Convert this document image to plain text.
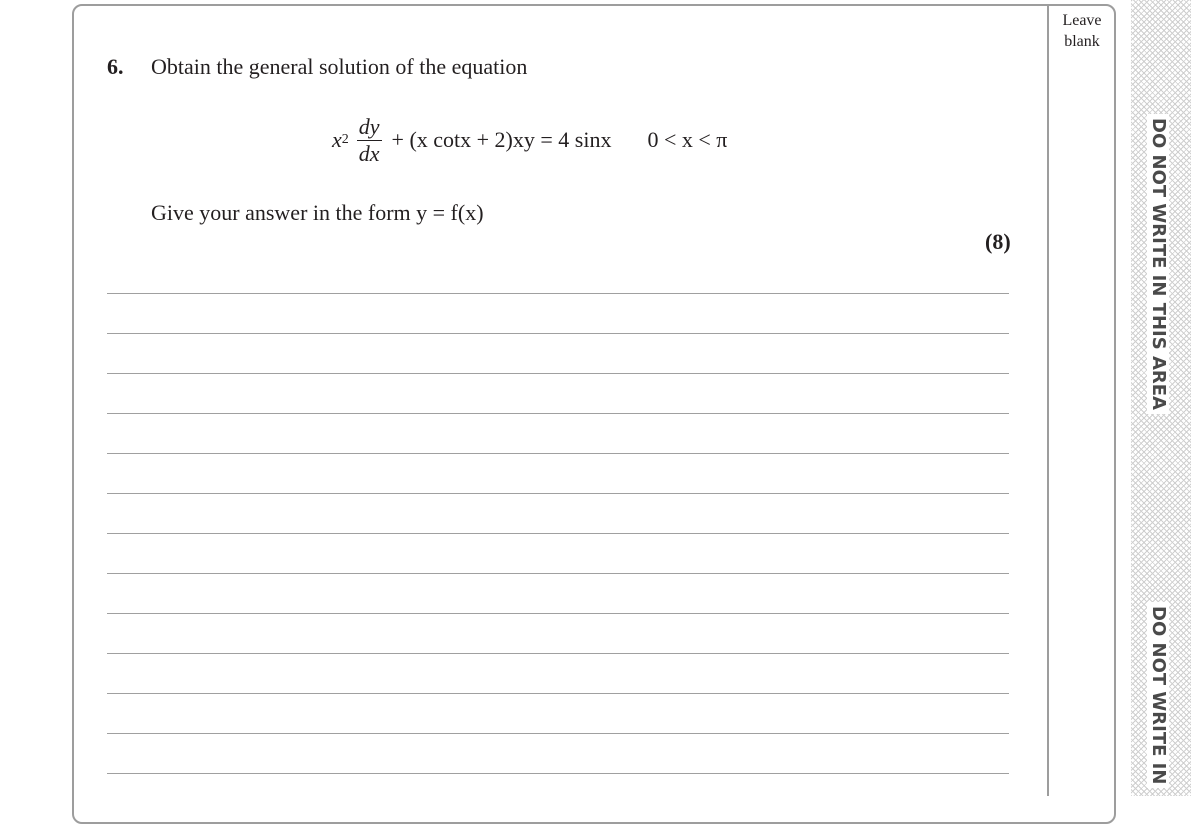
Leave
blank
DO NOT WRITE IN THIS AREA
DO NOT WRITE IN
6. Obtain the general solution of the equation
x $2 \frac{dy}{dx} + (x$ cotx + 2)xy = 4 sinx 0 < x < π
Give your answer in the form y = f(x)
(8)
